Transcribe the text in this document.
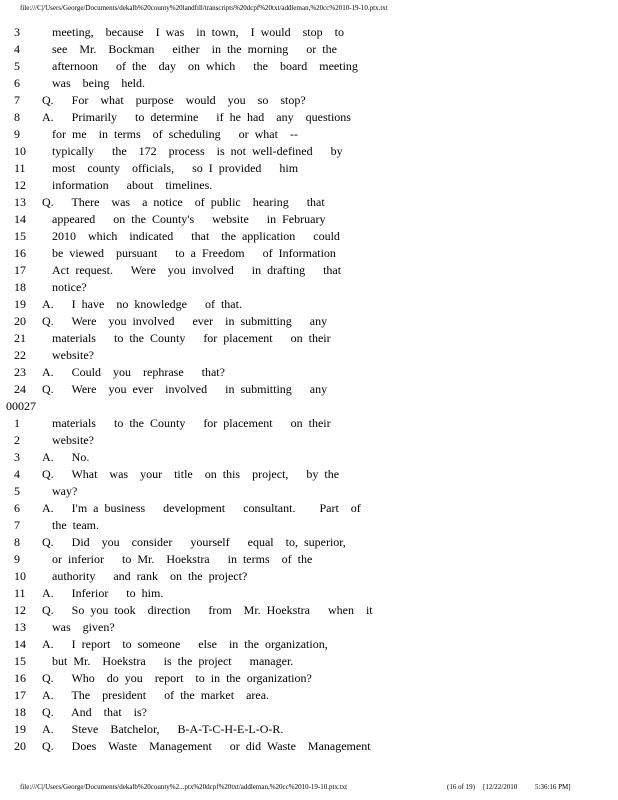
file:///C|/Users/George/Documents/dekalb%20county%20landfill/transcripts%20dcpf%20txt/addleman,%20cc%2010-19-10.ptx.txt
3	meeting,  because  I was  in town,  I would  stop  to
4	see  Mr.  Bockman   either  in the morning   or the
5	afternoon   of the  day  on which   the  board  meeting
6	was  being  held.
7	Q.   For  what  purpose  would  you  so  stop?
8	A.   Primarily   to determine   if he had  any  questions
9	for me  in terms  of scheduling   or what  --
10	typically   the  172  process  is not well-defined   by
11	most  county  officials,   so I provided   him
12	information   about  timelines.
13	Q.   There  was  a notice  of public  hearing   that
14	appeared   on the County's   website   in February
15	2010  which  indicated   that  the application   could
16	be viewed  pursuant   to a Freedom   of Information
17	Act request.   Were  you involved   in drafting   that
18	notice?
19	A.   I have  no knowledge   of that.
20	Q.   Were  you involved   ever  in submitting   any
21	materials   to the County   for placement   on their
22	website?
23	A.   Could  you  rephrase   that?
24	Q.   Were  you ever  involved   in submitting   any
00027
1	materials   to the County   for placement   on their
2	website?
3	A.   No.
4	Q.   What  was  your  title  on this  project,   by the
5	way?
6	A.   I'm a business   development   consultant.    Part  of
7	the team.
8	Q.   Did  you  consider   yourself   equal  to, superior,
9	or inferior   to Mr.  Hoekstra   in terms  of the
10	authority   and rank  on the project?
11	A.   Inferior   to him.
12	Q.   So you took  direction   from  Mr. Hoekstra   when  it
13	was  given?
14	A.   I report  to someone   else  in the organization,
15	but Mr.  Hoekstra   is the project   manager.
16	Q.   Who  do you  report  to in the organization?
17	A.   The  president   of the market  area.
18	Q.   And  that  is?
19	A.   Steve  Batchelor,   B-A-T-C-H-E-L-O-R.
20	Q.   Does  Waste  Management   or did Waste  Management
file:///C|/Users/George/Documents/dekalb%20county%2...ptx%20dcpf%20txt/addleman,%20cc%2010-19-10.ptx.txt	(16 of 19) [12/22/2010	5:36:16 PM]
